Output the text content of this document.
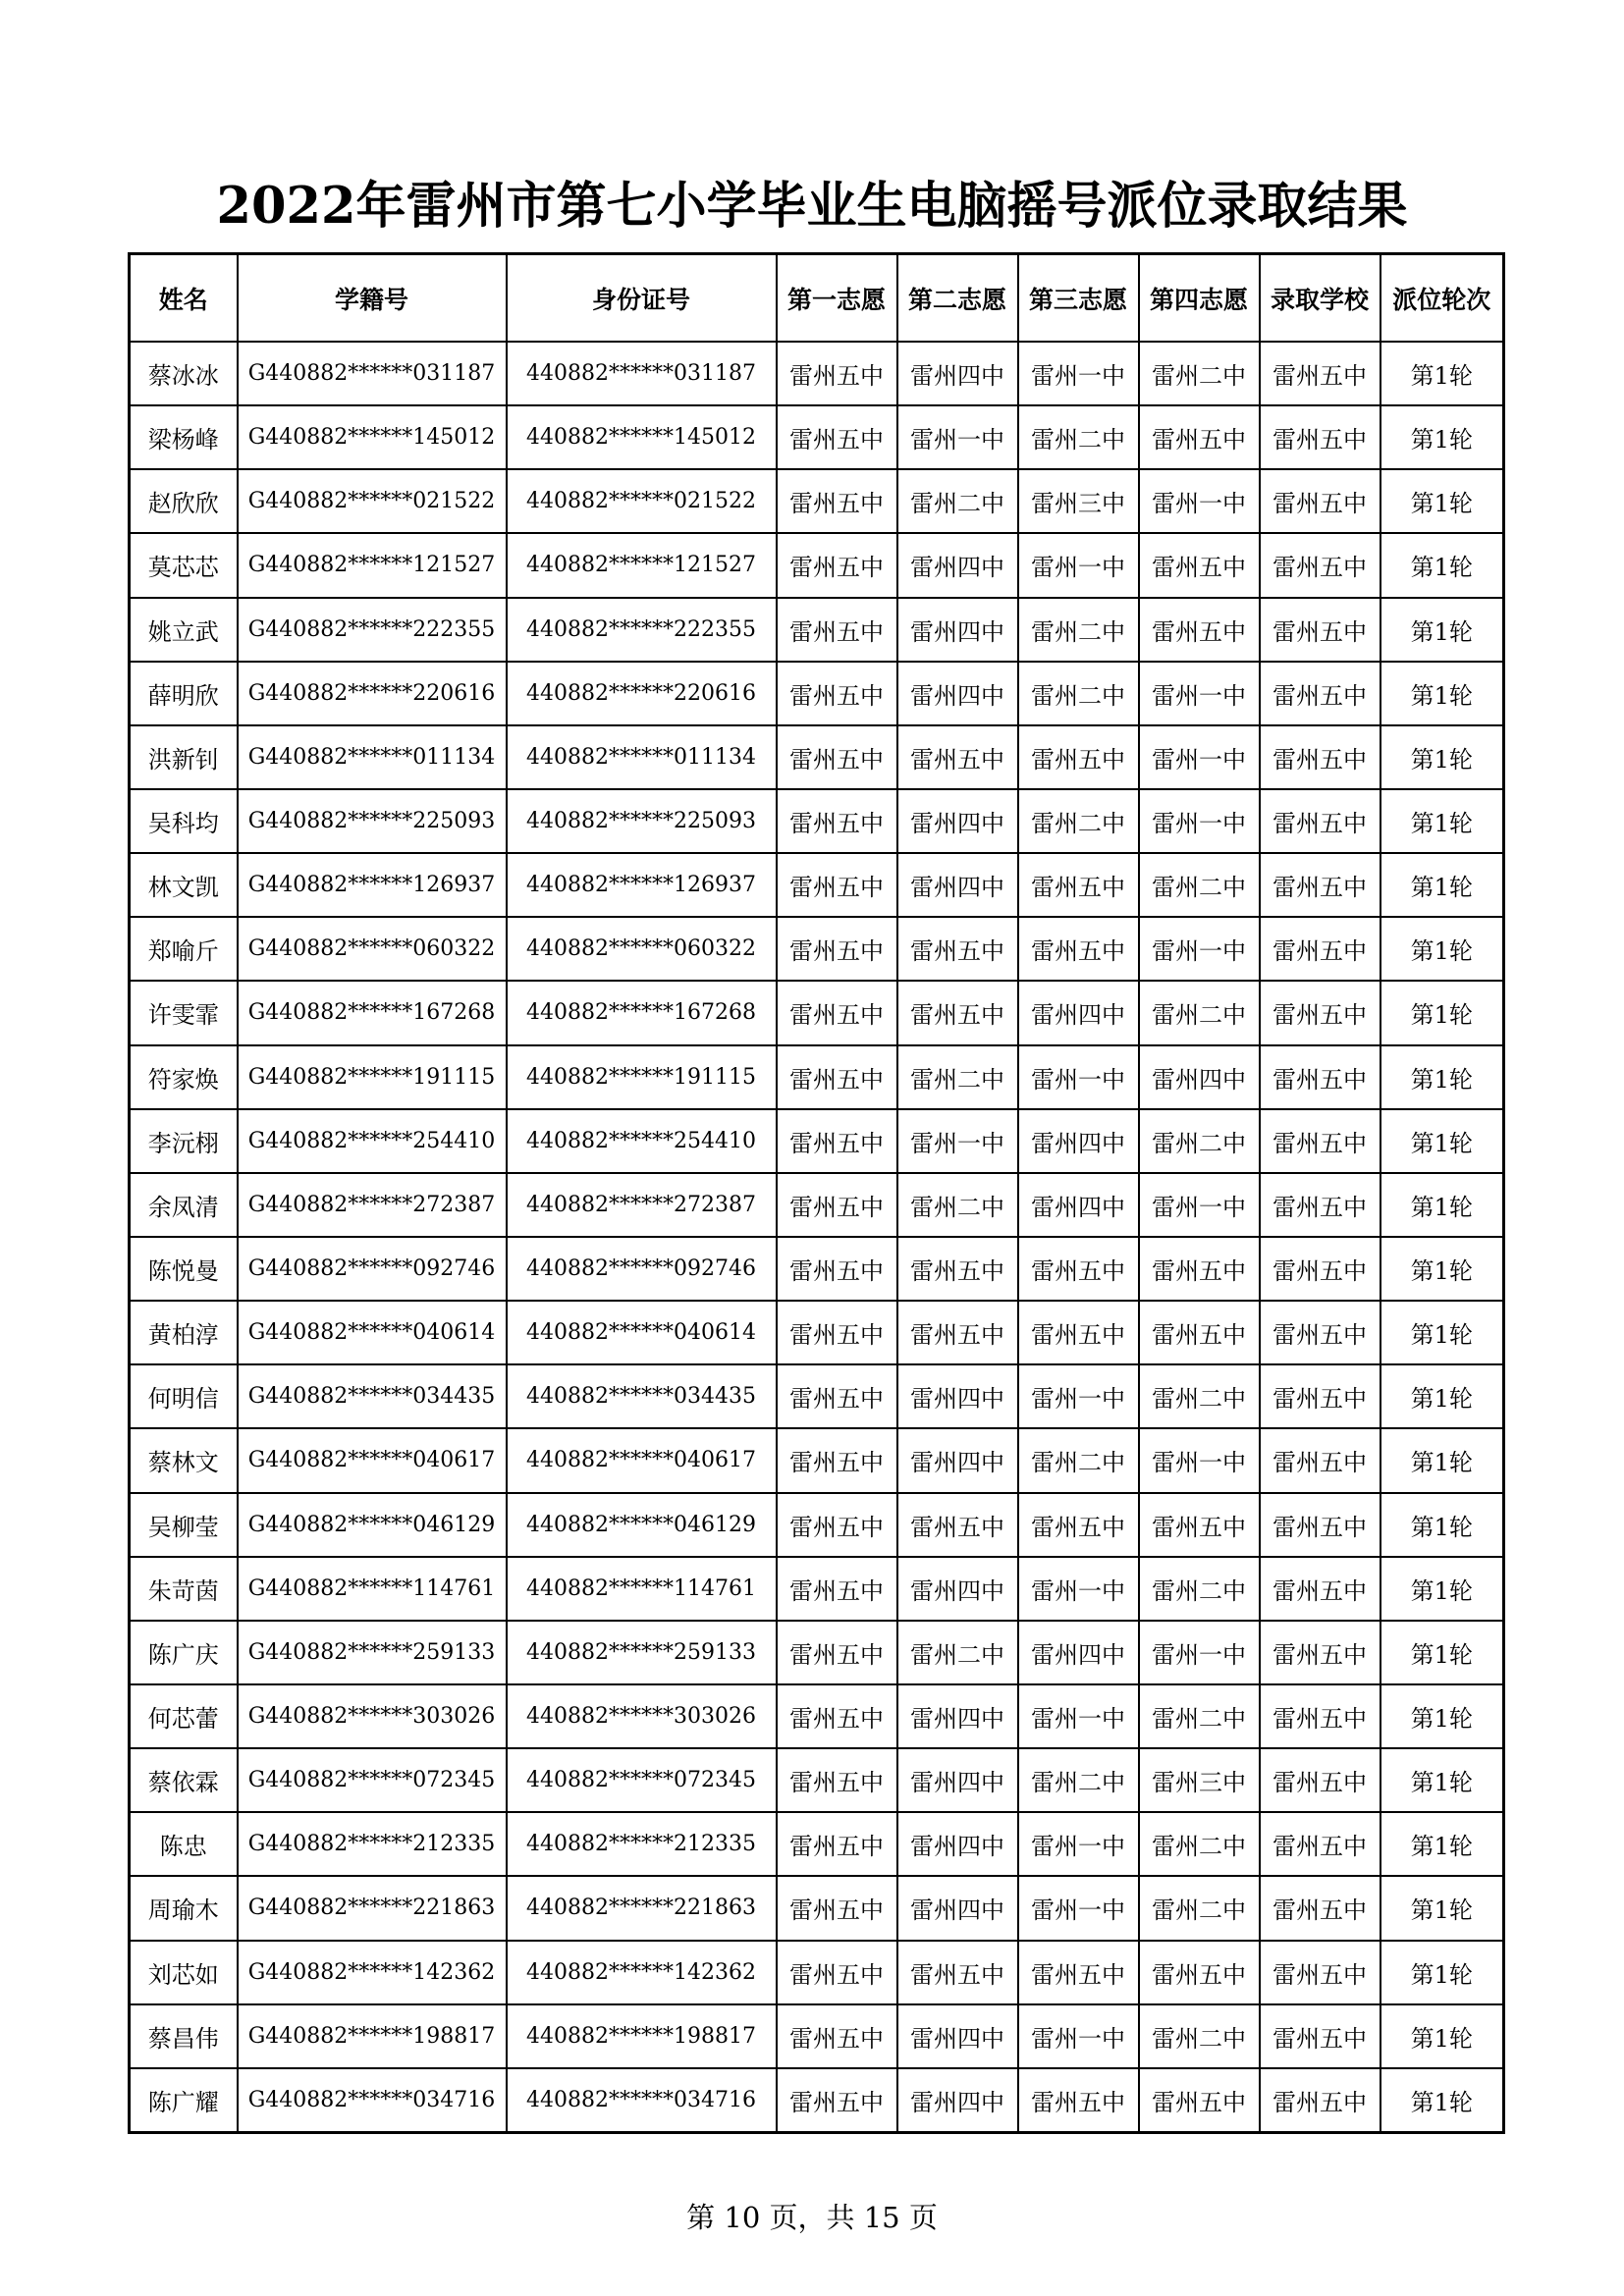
2022年雷州市第七小学毕业生电脑摇号派位录取结果
姓名	学籍号	身份证号	第一志愿	第二志愿	第三志愿	第四志愿	录取学校	派位轮次
蔡冰冰	G440882******031187	440882******031187	雷州五中	雷州四中	雷州一中	雷州二中	雷州五中	第1轮
梁杨峰	G440882******145012	440882******145012	雷州五中	雷州一中	雷州二中	雷州五中	雷州五中	第1轮
赵欣欣	G440882******021522	440882******021522	雷州五中	雷州二中	雷州三中	雷州一中	雷州五中	第1轮
莫芯芯	G440882******121527	440882******121527	雷州五中	雷州四中	雷州一中	雷州五中	雷州五中	第1轮
姚立武	G440882******222355	440882******222355	雷州五中	雷州四中	雷州二中	雷州五中	雷州五中	第1轮
薛明欣	G440882******220616	440882******220616	雷州五中	雷州四中	雷州二中	雷州一中	雷州五中	第1轮
洪新钊	G440882******011134	440882******011134	雷州五中	雷州五中	雷州五中	雷州一中	雷州五中	第1轮
吴科均	G440882******225093	440882******225093	雷州五中	雷州四中	雷州二中	雷州一中	雷州五中	第1轮
林文凯	G440882******126937	440882******126937	雷州五中	雷州四中	雷州五中	雷州二中	雷州五中	第1轮
郑喻斤	G440882******060322	440882******060322	雷州五中	雷州五中	雷州五中	雷州一中	雷州五中	第1轮
许雯霏	G440882******167268	440882******167268	雷州五中	雷州五中	雷州四中	雷州二中	雷州五中	第1轮
符家焕	G440882******191115	440882******191115	雷州五中	雷州二中	雷州一中	雷州四中	雷州五中	第1轮
李沅栩	G440882******254410	440882******254410	雷州五中	雷州一中	雷州四中	雷州二中	雷州五中	第1轮
余凤清	G440882******272387	440882******272387	雷州五中	雷州二中	雷州四中	雷州一中	雷州五中	第1轮
陈悦曼	G440882******092746	440882******092746	雷州五中	雷州五中	雷州五中	雷州五中	雷州五中	第1轮
黄柏淳	G440882******040614	440882******040614	雷州五中	雷州五中	雷州五中	雷州五中	雷州五中	第1轮
何明信	G440882******034435	440882******034435	雷州五中	雷州四中	雷州一中	雷州二中	雷州五中	第1轮
蔡林文	G440882******040617	440882******040617	雷州五中	雷州四中	雷州二中	雷州一中	雷州五中	第1轮
吴柳莹	G440882******046129	440882******046129	雷州五中	雷州五中	雷州五中	雷州五中	雷州五中	第1轮
朱苛茵	G440882******114761	440882******114761	雷州五中	雷州四中	雷州一中	雷州二中	雷州五中	第1轮
陈广庆	G440882******259133	440882******259133	雷州五中	雷州二中	雷州四中	雷州一中	雷州五中	第1轮
何芯蕾	G440882******303026	440882******303026	雷州五中	雷州四中	雷州一中	雷州二中	雷州五中	第1轮
蔡依霖	G440882******072345	440882******072345	雷州五中	雷州四中	雷州二中	雷州三中	雷州五中	第1轮
陈忠	G440882******212335	440882******212335	雷州五中	雷州四中	雷州一中	雷州二中	雷州五中	第1轮
周瑜木	G440882******221863	440882******221863	雷州五中	雷州四中	雷州一中	雷州二中	雷州五中	第1轮
刘芯如	G440882******142362	440882******142362	雷州五中	雷州五中	雷州五中	雷州五中	雷州五中	第1轮
蔡昌伟	G440882******198817	440882******198817	雷州五中	雷州四中	雷州一中	雷州二中	雷州五中	第1轮
陈广耀	G440882******034716	440882******034716	雷州五中	雷州四中	雷州五中	雷州五中	雷州五中	第1轮
第 10 页，共 15 页
